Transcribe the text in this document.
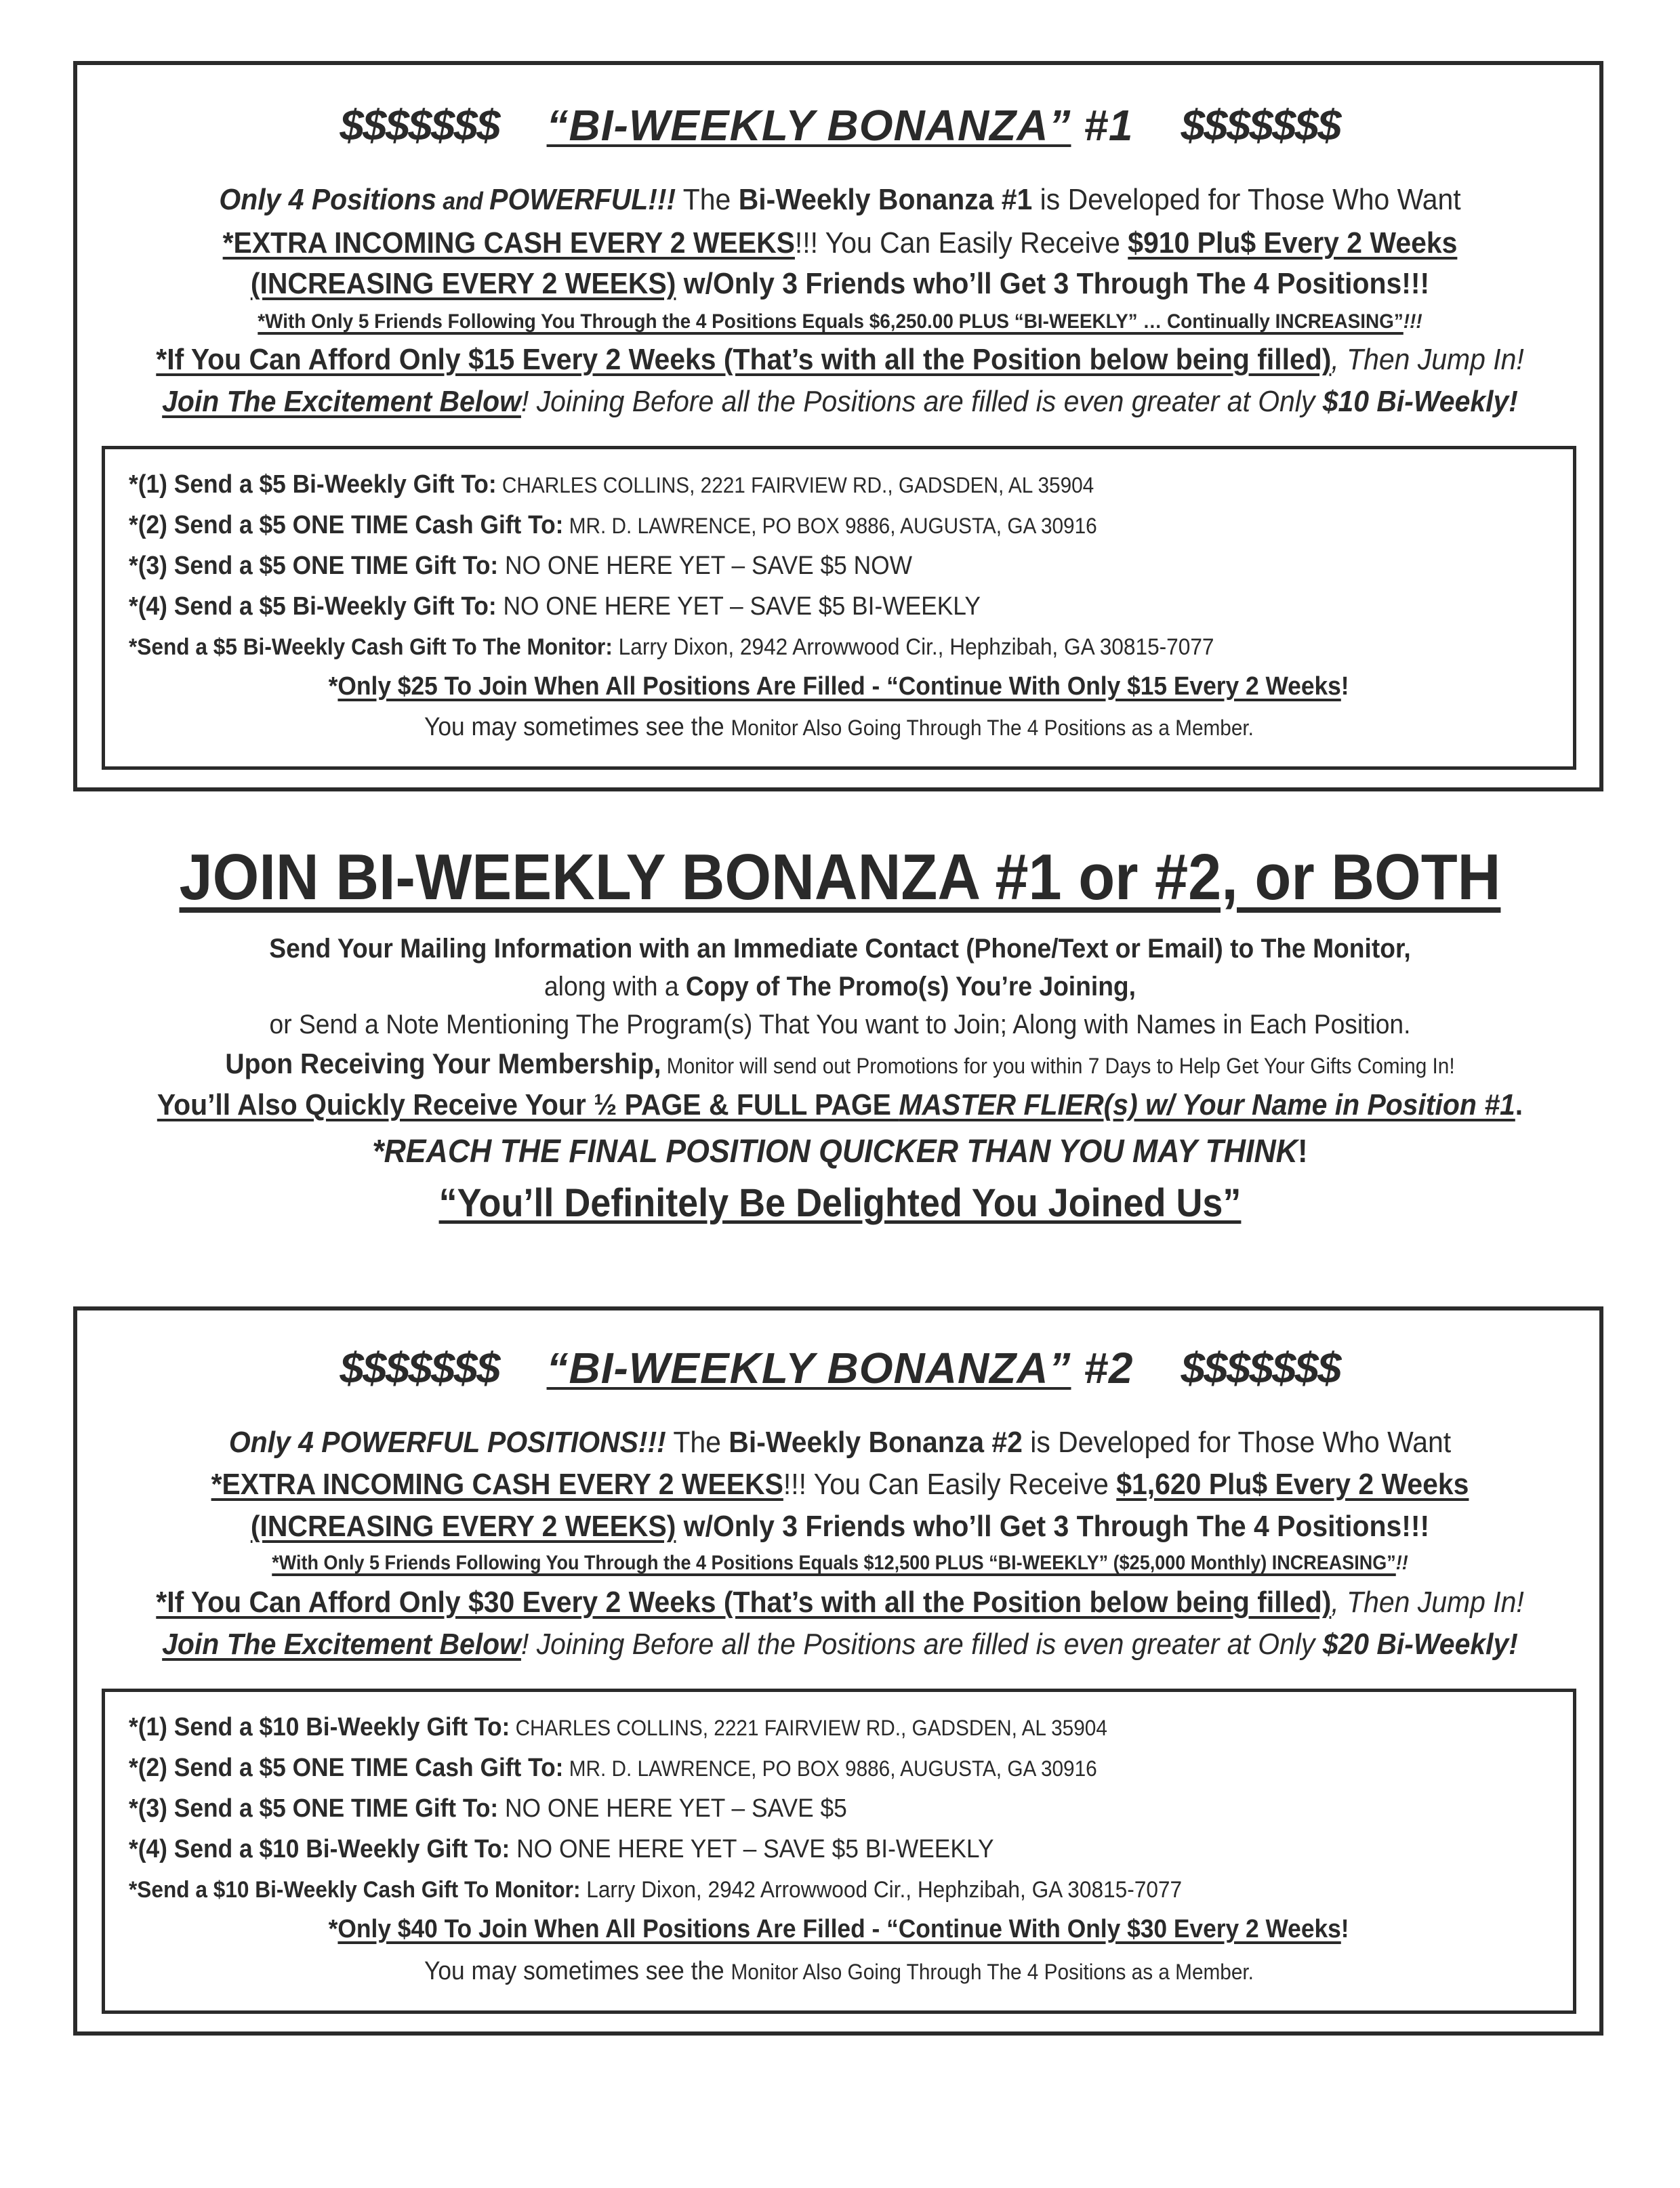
$$$$$$$ “BI-WEEKLY BONANZA” #1 $$$$$$$
Only 4 Positions and POWERFUL!!! The Bi-Weekly Bonanza #1 is Developed for Those Who Want
*EXTRA INCOMING CASH EVERY 2 WEEKS!!! You Can Easily Receive $910 Plu$ Every 2 Weeks
(INCREASING EVERY 2 WEEKS) w/Only 3 Friends who’ll Get 3 Through The 4 Positions!!!
*With Only 5 Friends Following You Through the 4 Positions Equals $6,250.00 PLUS “BI-WEEKLY” … Continually INCREASING”!!!
*If You Can Afford Only $15 Every 2 Weeks (That’s with all the Position below being filled), Then Jump In!
Join The Excitement Below! Joining Before all the Positions are filled is even greater at Only $10 Bi-Weekly!
*(1) Send a $5 Bi-Weekly Gift To: CHARLES COLLINS, 2221 FAIRVIEW RD., GADSDEN, AL 35904
*(2) Send a $5 ONE TIME Cash Gift To: MR. D. LAWRENCE, PO BOX 9886, AUGUSTA, GA 30916
*(3) Send a $5 ONE TIME Gift To: NO ONE HERE YET – SAVE $5 NOW
*(4) Send a $5 Bi-Weekly Gift To: NO ONE HERE YET – SAVE $5 BI-WEEKLY
*Send a $5 Bi-Weekly Cash Gift To The Monitor: Larry Dixon, 2942 Arrowwood Cir., Hephzibah, GA 30815-7077
*Only $25 To Join When All Positions Are Filled - “Continue With Only $15 Every 2 Weeks!
You may sometimes see the Monitor Also Going Through The 4 Positions as a Member.
JOIN BI-WEEKLY BONANZA #1 or #2, or BOTH
Send Your Mailing Information with an Immediate Contact (Phone/Text or Email) to The Monitor,
along with a Copy of The Promo(s) You’re Joining,
or Send a Note Mentioning The Program(s) That You want to Join; Along with Names in Each Position.
Upon Receiving Your Membership, Monitor will send out Promotions for you within 7 Days to Help Get Your Gifts Coming In!
You’ll Also Quickly Receive Your ½ PAGE & FULL PAGE MASTER FLIER(s) w/ Your Name in Position #1.
*REACH THE FINAL POSITION QUICKER THAN YOU MAY THINK!
“You’ll Definitely Be Delighted You Joined Us”
$$$$$$$ “BI-WEEKLY BONANZA” #2 $$$$$$$
Only 4 POWERFUL POSITIONS!!! The Bi-Weekly Bonanza #2 is Developed for Those Who Want
*EXTRA INCOMING CASH EVERY 2 WEEKS!!! You Can Easily Receive $1,620 Plu$ Every 2 Weeks
(INCREASING EVERY 2 WEEKS) w/Only 3 Friends who’ll Get 3 Through The 4 Positions!!!
*With Only 5 Friends Following You Through the 4 Positions Equals $12,500 PLUS “BI-WEEKLY” ($25,000 Monthly) INCREASING”!!
*If You Can Afford Only $30 Every 2 Weeks (That’s with all the Position below being filled), Then Jump In!
Join The Excitement Below! Joining Before all the Positions are filled is even greater at Only $20 Bi-Weekly!
*(1) Send a $10 Bi-Weekly Gift To: CHARLES COLLINS, 2221 FAIRVIEW RD., GADSDEN, AL 35904
*(2) Send a $5 ONE TIME Cash Gift To: MR. D. LAWRENCE, PO BOX 9886, AUGUSTA, GA 30916
*(3) Send a $5 ONE TIME Gift To: NO ONE HERE YET – SAVE $5
*(4) Send a $10 Bi-Weekly Gift To: NO ONE HERE YET – SAVE $5 BI-WEEKLY
*Send a $10 Bi-Weekly Cash Gift To Monitor: Larry Dixon, 2942 Arrowwood Cir., Hephzibah, GA 30815-7077
*Only $40 To Join When All Positions Are Filled - “Continue With Only $30 Every 2 Weeks!
You may sometimes see the Monitor Also Going Through The 4 Positions as a Member.
